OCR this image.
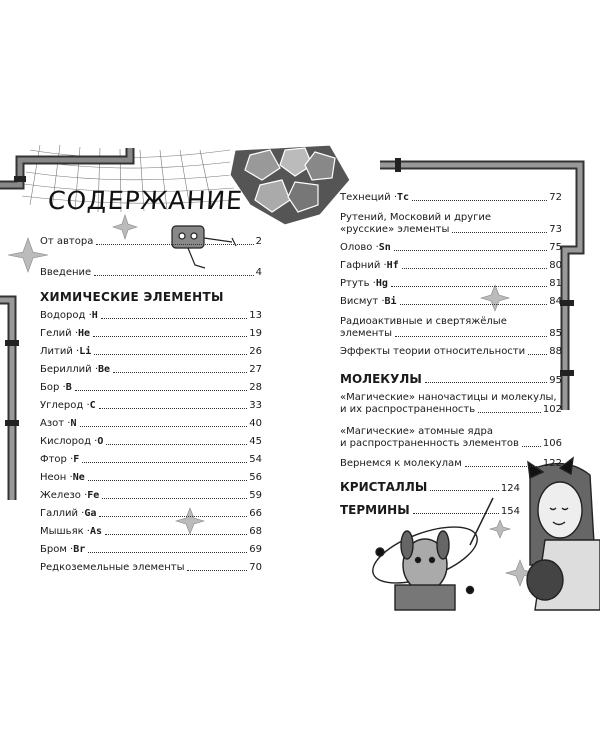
СОДЕРЖАНИЕ
От автора	2
Введение	4
ХИМИЧЕСКИЕ ЭЛЕМЕНТЫ
Водород · H	13
Гелий · He	19
Литий · Li	26
Бериллий · Be	27
Бор · B	28
Углерод · C	33
Азот · N	40
Кислород · O	45
Фтор · F	54
Неон · Ne	56
Железо · Fe	59
Галлий · Ga	66
Мышьяк · As	68
Бром · Br	69
Редкоземельные элементы	70
Технеций · Tc	72
Рутений, Московий и другие
«русские» элементы	73
Олово · Sn	75
Гафний · Hf	80
Ртуть · Hg	81
Висмут · Bi	84
Радиоактивные и свертяжёлые
элементы	85
Эффекты теории относительности 88
МОЛЕКУЛЫ	95
«Магические» наночастицы и молекулы,
и их распространенность	102
«Магические» атомные ядра
и распространенность элементов 106
Вернемся к молекулам	122
КРИСТАЛЛЫ	124
ТЕРМИНЫ	154
